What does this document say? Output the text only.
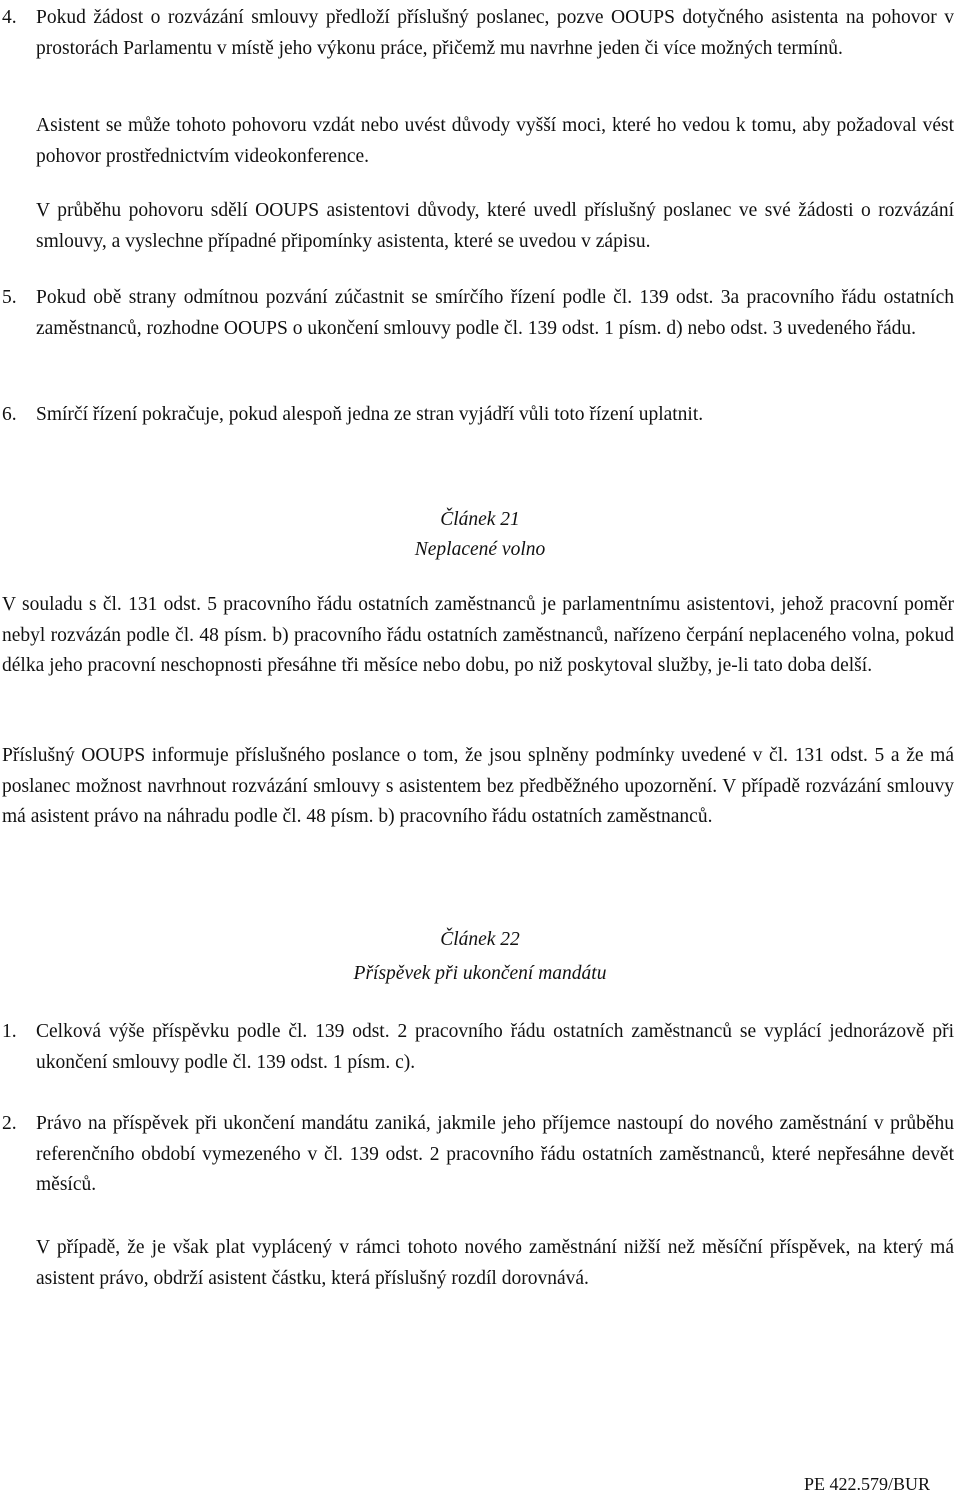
4. Pokud žádost o rozvázání smlouvy předloží příslušný poslanec, pozve OOUPS dotyčného asistenta na pohovor v prostorách Parlamentu v místě jeho výkonu práce, přičemž mu navrhne jeden či více možných termínů.

Asistent se může tohoto pohovoru vzdát nebo uvést důvody vyšší moci, které ho vedou k tomu, aby požadoval vést pohovor prostřednictvím videokonference.

V průběhu pohovoru sdělí OOUPS asistentovi důvody, které uvedl příslušný poslanec ve své žádosti o rozvázání smlouvy, a vyslechne případné připomínky asistenta, které se uvedou v zápisu.

5. Pokud obě strany odmítnou pozvání zúčastnit se smírčího řízení podle čl. 139 odst. 3a pracovního řádu ostatních zaměstnanců, rozhodne OOUPS o ukončení smlouvy podle čl. 139 odst. 1 písm. d) nebo odst. 3 uvedeného řádu.
6. Smírčí řízení pokračuje, pokud alespoň jedna ze stran vyjádří vůli toto řízení uplatnit.

Článek 21

Neplacené volno

V souladu s čl. 131 odst. 5 pracovního řádu ostatních zaměstnanců je parlamentnímu asistentovi, jehož pracovní poměr nebyl rozvázán podle čl. 48 písm. b) pracovního řádu ostatních zaměstnanců, nařízeno čerpání neplaceného volna, pokud délka jeho pracovní neschopnosti přesáhne tři měsíce nebo dobu, po niž poskytoval služby, je-li tato doba delší.

Příslušný OOUPS informuje příslušného poslance o tom, že jsou splněny podmínky uvedené v čl. 131 odst. 5 a že má poslanec možnost navrhnout rozvázání smlouvy s asistentem bez předběžného upozornění. V případě rozvázání smlouvy má asistent právo na náhradu podle čl. 48 písm. b) pracovního řádu ostatních zaměstnanců.

Článek 22

Příspěvek při ukončení mandátu

1. Celková výše příspěvku podle čl. 139 odst. 2 pracovního řádu ostatních zaměstnanců se vyplácí jednorázově při ukončení smlouvy podle čl. 139 odst. 1 písm. c).
2. Právo na příspěvek při ukončení mandátu zaniká, jakmile jeho příjemce nastoupí do nového zaměstnání v průběhu referenčního období vymezeného v čl. 139 odst. 2 pracovního řádu ostatních zaměstnanců, které nepřesáhne devět měsíců.

V případě, že je však plat vyplácený v rámci tohoto nového zaměstnání nižší než měsíční příspěvek, na který má asistent právo, obdrží asistent částku, která příslušný rozdíl dorovnává.

PE 422.579/BUR
